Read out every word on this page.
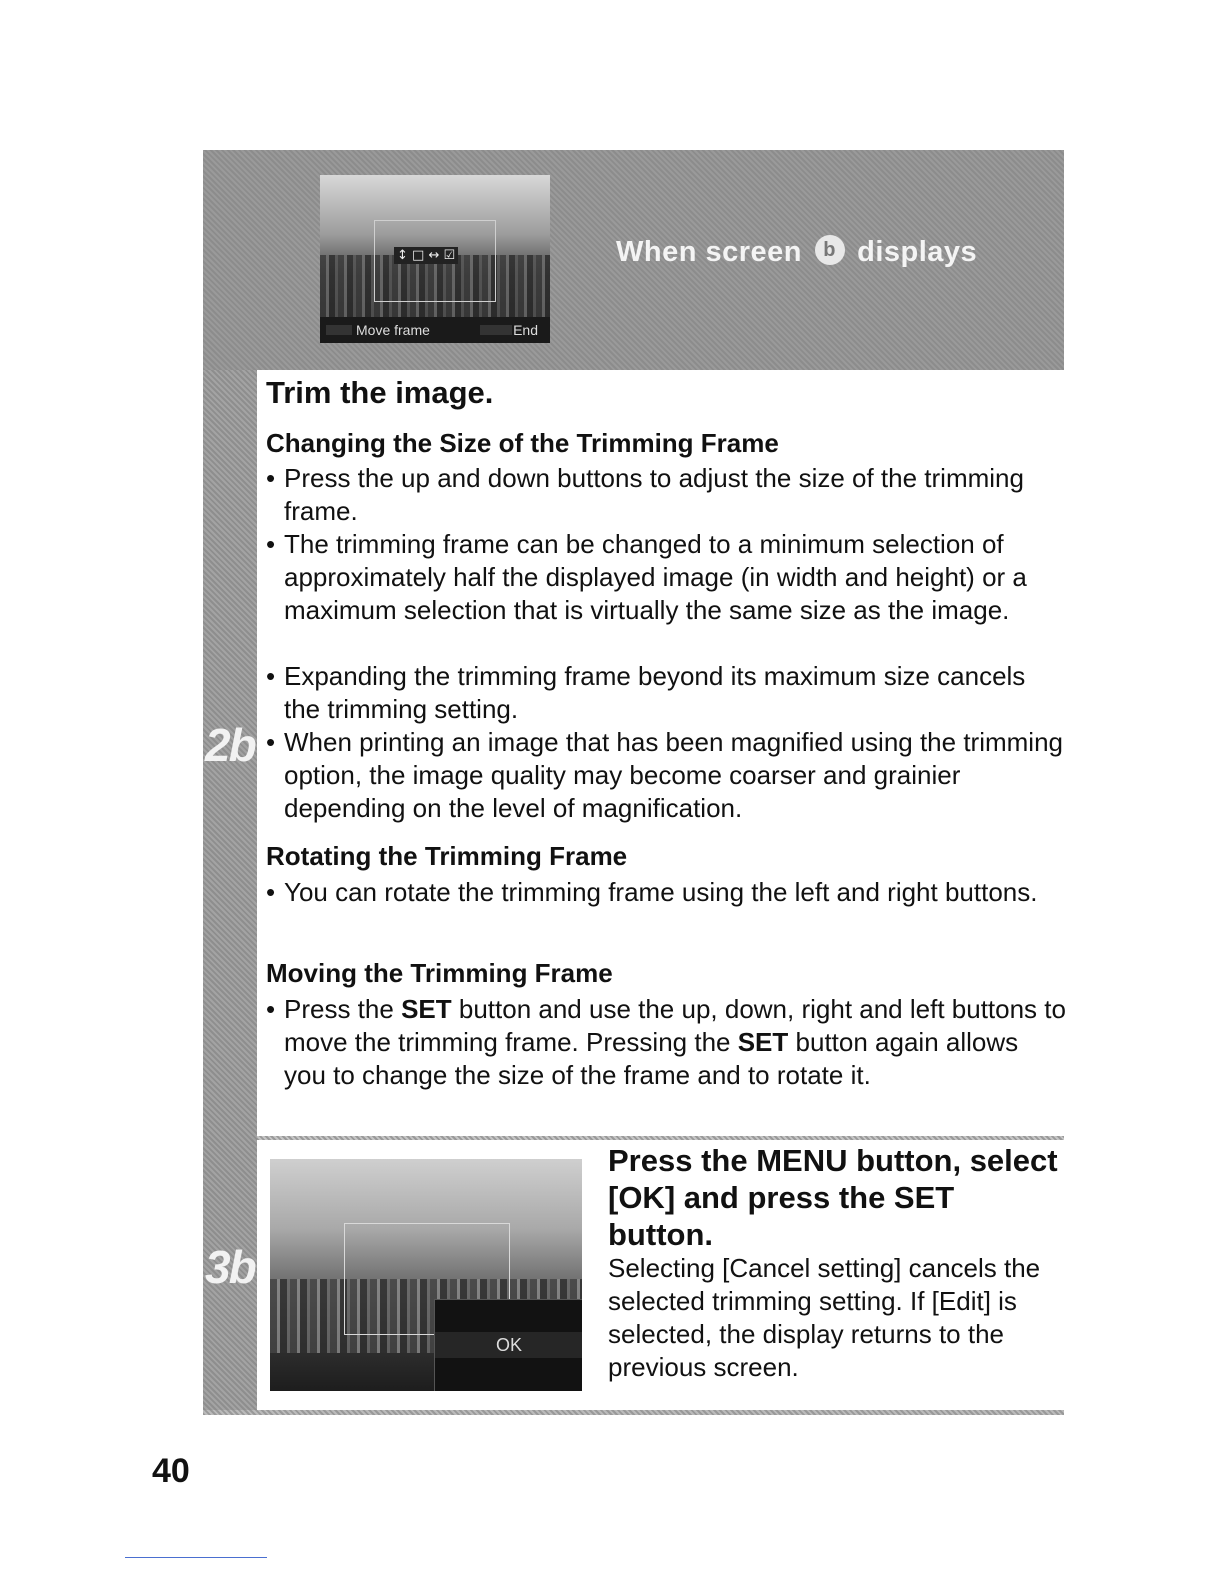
When screen b displays
↕ □ ↔ ☑
Move frame	End
2b
3b
Trim the image.
Changing the Size of the Trimming Frame
• Press the up and down buttons to adjust the size of the trimming frame.
• The trimming frame can be changed to a minimum selection of approximately half the displayed image (in width and height) or a maximum selection that is virtually the same size as the image.
• Expanding the trimming frame beyond its maximum size cancels the trimming setting.
• When printing an image that has been magnified using the trimming option, the image quality may become coarser and grainier depending on the level of magnification.
Rotating the Trimming Frame
• You can rotate the trimming frame using the left and right buttons.
Moving the Trimming Frame
• Press the SET button and use the up, down, right and left buttons to move the trimming frame. Pressing the SET button again allows you to change the size of the frame and to rotate it.
OK
Press the MENU button, select [OK] and press the SET button.
Selecting [Cancel setting] cancels the selected trimming setting. If [Edit] is selected, the display returns to the previous screen.
40
